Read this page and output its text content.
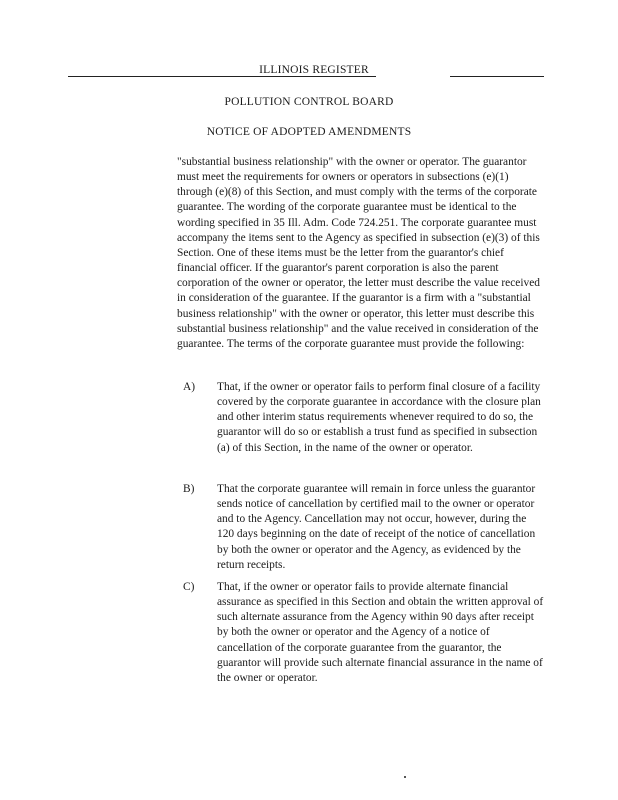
ILLINOIS REGISTER
POLLUTION CONTROL BOARD
NOTICE OF ADOPTED AMENDMENTS
"substantial business relationship" with the owner or operator. The guarantor must meet the requirements for owners or operators in subsections (e)(1) through (e)(8) of this Section, and must comply with the terms of the corporate guarantee. The wording of the corporate guarantee must be identical to the wording specified in 35 Ill. Adm. Code 724.251. The corporate guarantee must accompany the items sent to the Agency as specified in subsection (e)(3) of this Section. One of these items must be the letter from the guarantor's chief financial officer. If the guarantor's parent corporation is also the parent corporation of the owner or operator, the letter must describe the value received in consideration of the guarantee. If the guarantor is a firm with a "substantial business relationship" with the owner or operator, this letter must describe this substantial business relationship" and the value received in consideration of the guarantee. The terms of the corporate guarantee must provide the following:
A) That, if the owner or operator fails to perform final closure of a facility covered by the corporate guarantee in accordance with the closure plan and other interim status requirements whenever required to do so, the guarantor will do so or establish a trust fund as specified in subsection (a) of this Section, in the name of the owner or operator.
B) That the corporate guarantee will remain in force unless the guarantor sends notice of cancellation by certified mail to the owner or operator and to the Agency. Cancellation may not occur, however, during the 120 days beginning on the date of receipt of the notice of cancellation by both the owner or operator and the Agency, as evidenced by the return receipts.
C) That, if the owner or operator fails to provide alternate financial assurance as specified in this Section and obtain the written approval of such alternate assurance from the Agency within 90 days after receipt by both the owner or operator and the Agency of a notice of cancellation of the corporate guarantee from the guarantor, the guarantor will provide such alternate financial assurance in the name of the owner or operator.
